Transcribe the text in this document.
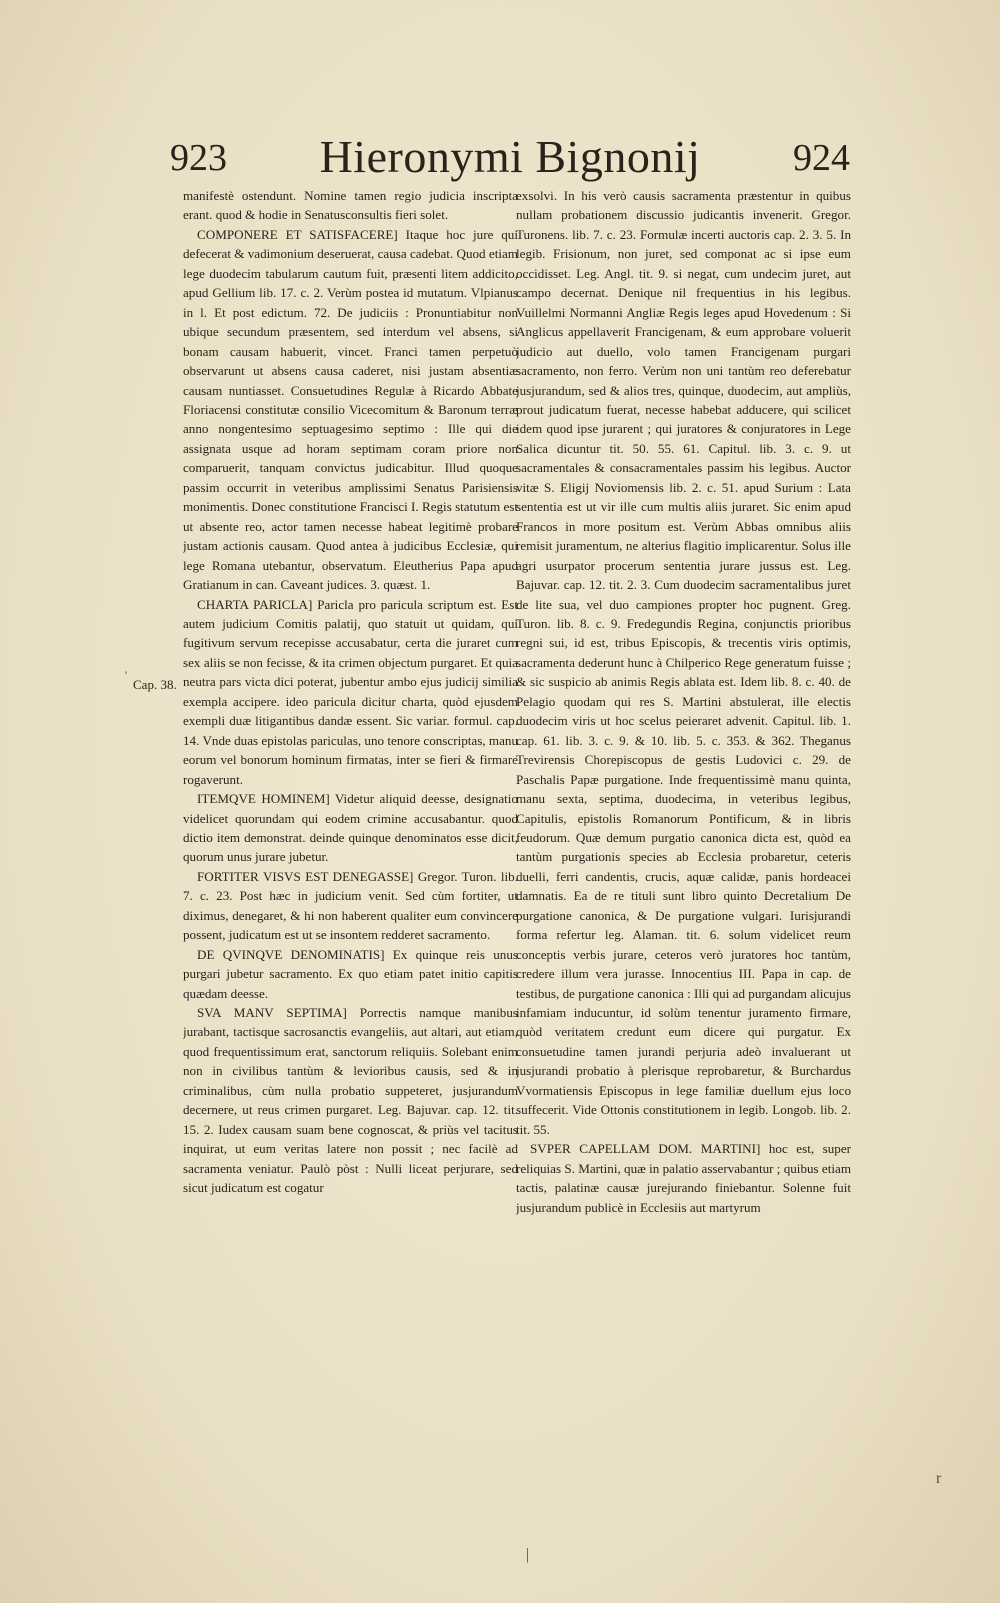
923	Hieronymi Bignonij	924
Cap. 38.

manifestè ostendunt. Nomine tamen regio judicia inscripta erant. quod & hodie in Senatusconsultis fieri solet.

COMPONERE ET SATISFACERE] Itaque hoc jure qui defecerat & vadimonium deseruerat, causa cadebat. Quod etiam lege duodecim tabularum cautum fuit, præsenti litem addicito, apud Gellium lib. 17. c. 2. Verùm postea id mutatum. Vlpianus in l. Et post edictum. 72. De judiciis : Pronuntiabitur non ubique secundum præsentem, sed interdum vel absens, si bonam causam habuerit, vincet. Franci tamen perpetuò observarunt ut absens causa caderet, nisi justam absentiæ causam nuntiasset. Consuetudines Regulæ à Ricardo Abbate Floriacensi constitutæ consilio Vicecomitum & Baronum terræ anno nongentesimo septuagesimo septimo : Ille qui die assignata usque ad horam septimam coram priore non comparuerit, tanquam convictus judicabitur. Illud quoque passim occurrit in veteribus amplissimi Senatus Parisiensis monimentis. Donec constitutione Francisci I. Regis statutum est ut absente reo, actor tamen necesse habeat legitimè probare justam actionis causam. Quod antea à judicibus Ecclesiæ, qui lege Romana utebantur, observatum. Eleutherius Papa apud Gratianum in can. Caveant judices. 3. quæst. 1.

CHARTA PARICLA] Paricla pro paricula scriptum est. Est autem judicium Comitis palatij, quo statuit ut quidam, qui fugitivum servum recepisse accusabatur, certa die juraret cum sex aliis se non fecisse, & ita crimen objectum purgaret. Et quia neutra pars victa dici poterat, jubentur ambo ejus judicij similia exempla accipere. ideo paricula dicitur charta, quòd ejusdem exempli duæ litigantibus dandæ essent. Sic variar. formul. cap. 14. Vnde duas epistolas pariculas, uno tenore conscriptas, manu eorum vel bonorum hominum firmatas, inter se fieri & firmare rogaverunt.

ITEMQVE HOMINEM] Videtur aliquid deesse, designatio videlicet quorundam qui eodem crimine accusabantur. quod dictio item demonstrat. deinde quinque denominatos esse dicit, quorum unus jurare jubetur.

FORTITER VISVS EST DENEGASSE] Gregor. Turon. lib. 7. c. 23. Post hæc in judicium venit. Sed cùm fortiter, ut diximus, denegaret, & hi non haberent qualiter eum convincere possent, judicatum est ut se insontem redderet sacramento.

DE QVINQVE DENOMINATIS] Ex quinque reis unus purgari jubetur sacramento. Ex quo etiam patet initio capitis quædam deesse.

SVA MANV SEPTIMA] Porrectis namque manibus jurabant, tactisque sacrosanctis evangeliis, aut altari, aut etiam, quod frequentissimum erat, sanctorum reliquiis. Solebant enim non in civilibus tantùm & levioribus causis, sed & in criminalibus, cùm nulla probatio suppeteret, jusjurandum decernere, ut reus crimen purgaret. Leg. Bajuvar. cap. 12. tit. 15. 2. Iudex causam suam bene cognoscat, & priùs vel tacitus inquirat, ut eum veritas latere non possit ; nec facilè ad sacramenta veniatur. Paulò pòst : Nulli liceat perjurare, sed sicut judicatum est cogatur

exsolvi. In his verò causis sacramenta præstentur in quibus nullam probationem discussio judicantis invenerit. Gregor. Turonens. lib. 7. c. 23. Formulæ incerti auctoris cap. 2. 3. 5. In legib. Frisionum, non juret, sed componat ac si ipse eum occidisset. Leg. Angl. tit. 9. si negat, cum undecim juret, aut campo decernat. Denique nil frequentius in his legibus. Vuillelmi Normanni Angliæ Regis leges apud Hovedenum : Si Anglicus appellaverit Francigenam, & eum approbare voluerit judicio aut duello, volo tamen Francigenam purgari sacramento, non ferro. Verùm non uni tantùm reo deferebatur jusjurandum, sed & alios tres, quinque, duodecim, aut ampliùs, prout judicatum fuerat, necesse habebat adducere, qui scilicet idem quod ipse jurarent ; qui juratores & conjuratores in Lege Salica dicuntur tit. 50. 55. 61. Capitul. lib. 3. c. 9. ut sacramentales & consacramentales passim his legibus. Auctor vitæ S. Eligij Noviomensis lib. 2. c. 51. apud Surium : Lata sententia est ut vir ille cum multis aliis juraret. Sic enim apud Francos in more positum est. Verùm Abbas omnibus aliis remisit juramentum, ne alterius flagitio implicarentur. Solus ille agri usurpator procerum sententia jurare jussus est. Leg. Bajuvar. cap. 12. tit. 2. 3. Cum duodecim sacramentalibus juret de lite sua, vel duo campiones propter hoc pugnent. Greg. Turon. lib. 8. c. 9. Fredegundis Regina, conjunctis prioribus regni sui, id est, tribus Episcopis, & trecentis viris optimis, sacramenta dederunt hunc à Chilperico Rege generatum fuisse ; & sic suspicio ab animis Regis ablata est. Idem lib. 8. c. 40. de Pelagio quodam qui res S. Martini abstulerat, ille electis duodecim viris ut hoc scelus peieraret advenit. Capitul. lib. 1. cap. 61. lib. 3. c. 9. & 10. lib. 5. c. 353. & 362. Theganus Trevirensis Chorepiscopus de gestis Ludovici c. 29. de Paschalis Papæ purgatione. Inde frequentissimè manu quinta, manu sexta, septima, duodecima, in veteribus legibus, Capitulis, epistolis Romanorum Pontificum, & in libris feudorum. Quæ demum purgatio canonica dicta est, quòd ea tantùm purgationis species ab Ecclesia probaretur, ceteris duelli, ferri candentis, crucis, aquæ calidæ, panis hordeacei damnatis. Ea de re tituli sunt libro quinto Decretalium De purgatione canonica, & De purgatione vulgari. Iurisjurandi forma refertur leg. Alaman. tit. 6. solum videlicet reum conceptis verbis jurare, ceteros verò juratores hoc tantùm, credere illum vera jurasse. Innocentius III. Papa in cap. de testibus, de purgatione canonica : Illi qui ad purgandam alicujus infamiam inducuntur, id solùm tenentur juramento firmare, quòd veritatem credunt eum dicere qui purgatur. Ex consuetudine tamen jurandi perjuria adeò invaluerant ut jusjurandi probatio à plerisque reprobaretur, & Burchardus Vvormatiensis Episcopus in lege familiæ duellum ejus loco suffecerit. Vide Ottonis constitutionem in legib. Longob. lib. 2. tit. 55.

SVPER CAPELLAM DOM. MARTINI] hoc est, super reliquias S. Martini, quæ in palatio asservabantur ; quibus etiam tactis, palatinæ causæ jurejurando finiebantur. Solenne fuit jusjurandum publicè in Ecclesiis aut martyrum

'
|
r
